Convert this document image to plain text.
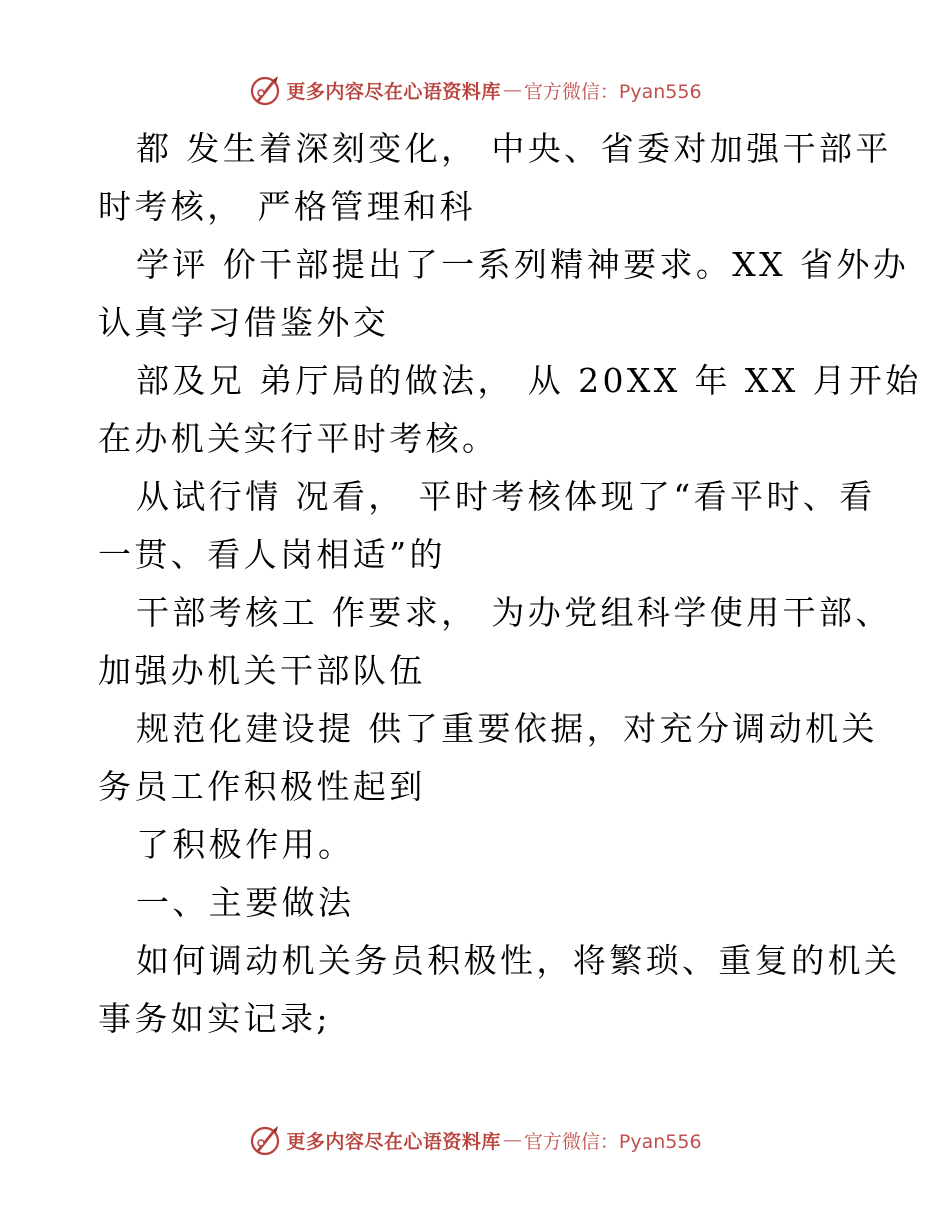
更多内容尽在心语资料库 — 官方微信：Pyan556
都 发生着深刻变化， 中央、省委对加强干部平
时考核， 严格管理和科
学评 价干部提出了一系列精神要求。XX 省外办
认真学习借鉴外交
部及兄 弟厅局的做法， 从 20XX 年 XX 月开始
在办机关实行平时考核。
从试行情 况看， 平时考核体现了“看平时、看
一贯、看人岗相适”的
干部考核工 作要求， 为办党组科学使用干部、
加强办机关干部队伍
规范化建设提 供了重要依据，对充分调动机关
务员工作积极性起到
了积极作用。
一、主要做法
如何调动机关务员积极性，将繁琐、重复的机关
事务如实记录;
更多内容尽在心语资料库 — 官方微信：Pyan556
